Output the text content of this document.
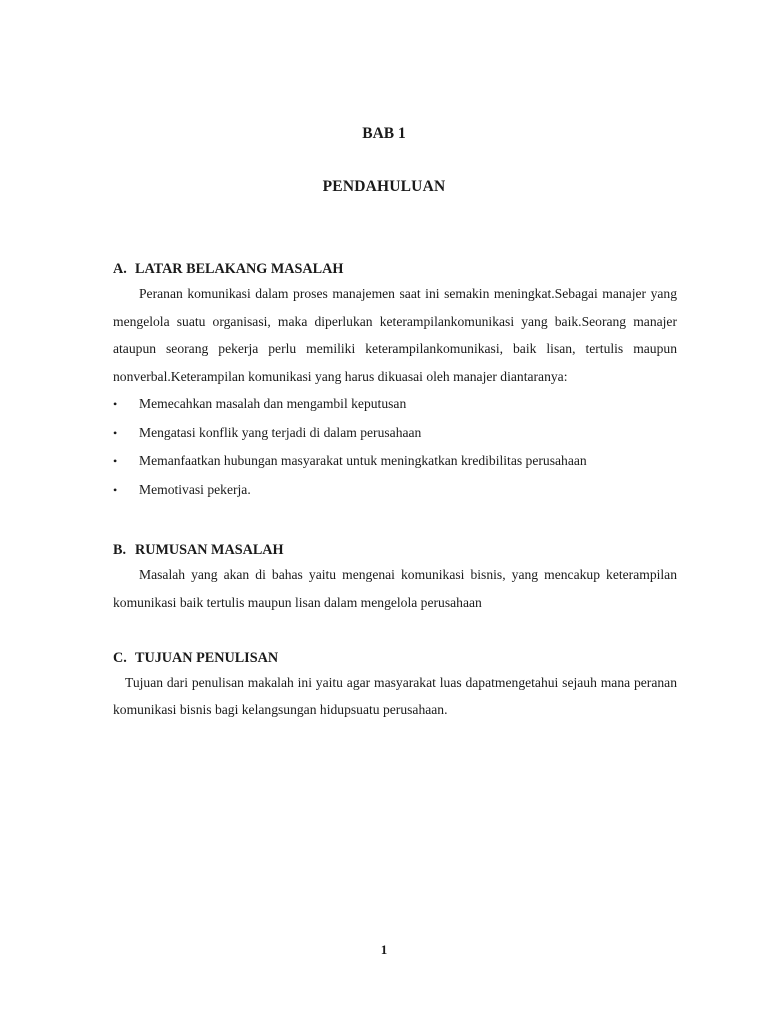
BAB 1
PENDAHULUAN
A. LATAR BELAKANG MASALAH

Peranan komunikasi dalam proses manajemen saat ini semakin meningkat.Sebagai manajer yang mengelola suatu organisasi, maka diperlukan keterampilankomunikasi yang baik.Seorang manajer ataupun seorang pekerja perlu memiliki keterampilankomunikasi, baik lisan, tertulis maupun nonverbal.Keterampilan komunikasi yang harus dikuasai oleh manajer diantaranya:

•	Memecahkan masalah dan mengambil keputusan
•	Mengatasi konflik yang terjadi di dalam perusahaan
•	Memanfaatkan hubungan masyarakat untuk meningkatkan kredibilitas perusahaan
•	Memotivasi pekerja.
B. RUMUSAN MASALAH

Masalah yang akan di bahas yaitu mengenai komunikasi bisnis, yang mencakup keterampilan komunikasi baik tertulis maupun lisan dalam mengelola perusahaan

C. TUJUAN PENULISAN

Tujuan dari penulisan makalah ini yaitu agar masyarakat luas dapatmengetahui sejauh mana peranan komunikasi bisnis bagi kelangsungan hidupsuatu perusahaan.

1
